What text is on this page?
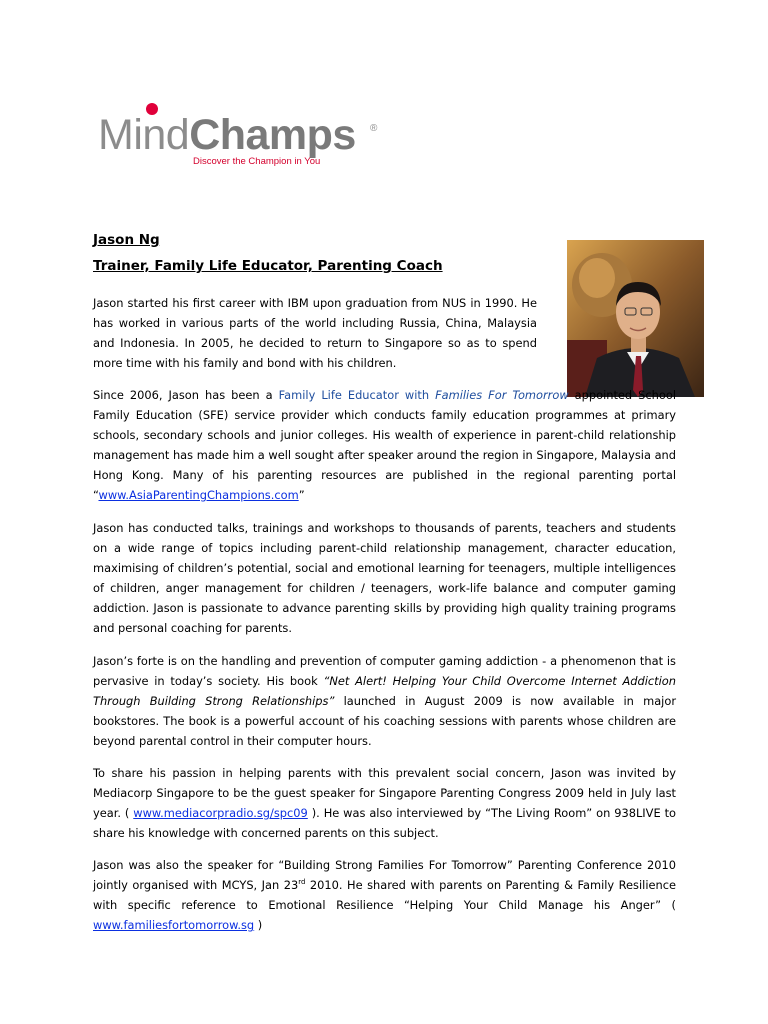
MindChamps ®
Discover the Champion in You
Jason Ng
Trainer, Family Life Educator, Parenting Coach

Jason started his first career with IBM upon graduation from NUS in 1990. He has worked in various parts of the world including Russia, China, Malaysia and Indonesia. In 2005, he decided to return to Singapore so as to spend more time with his family and bond with his children.

Since 2006, Jason has been a Family Life Educator with Families For Tomorrow appointed School Family Education (SFE) service provider which conducts family education programmes at primary schools, secondary schools and junior colleges. His wealth of experience in parent-child relationship management has made him a well sought after speaker around the region in Singapore, Malaysia and Hong Kong. Many of his parenting resources are published in the regional parenting portal “www.AsiaParentingChampions.com”

Jason has conducted talks, trainings and workshops to thousands of parents, teachers and students on a wide range of topics including parent-child relationship management, character education, maximising of children’s potential, social and emotional learning for teenagers, multiple intelligences of children, anger management for children / teenagers, work-life balance and computer gaming addiction. Jason is passionate to advance parenting skills by providing high quality training programs and personal coaching for parents.

Jason’s forte is on the handling and prevention of computer gaming addiction - a phenomenon that is pervasive in today’s society. His book “Net Alert! Helping Your Child Overcome Internet Addiction Through Building Strong Relationships” launched in August 2009 is now available in major bookstores. The book is a powerful account of his coaching sessions with parents whose children are beyond parental control in their computer hours.

To share his passion in helping parents with this prevalent social concern, Jason was invited by Mediacorp Singapore to be the guest speaker for Singapore Parenting Congress 2009 held in July last year. ( www.mediacorpradio.sg/spc09 ). He was also interviewed by “The Living Room” on 938LIVE to share his knowledge with concerned parents on this subject.

Jason was also the speaker for “Building Strong Families For Tomorrow” Parenting Conference 2010 jointly organised with MCYS, Jan 23rd 2010. He shared with parents on Parenting & Family Resilience with specific reference to Emotional Resilience “Helping Your Child Manage his Anger” ( www.familiesfortomorrow.sg )
